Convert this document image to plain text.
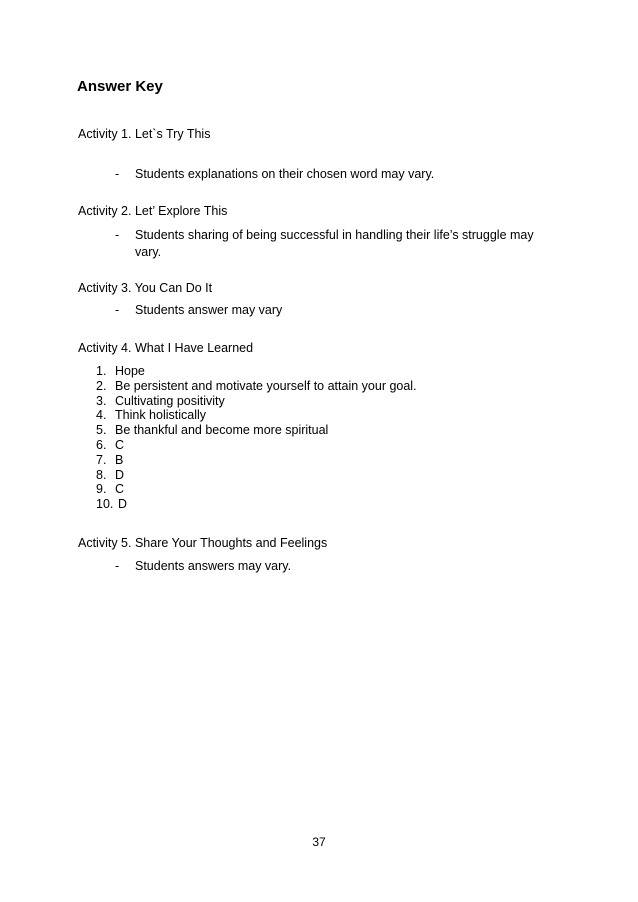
Answer Key

Activity 1. Let`s Try This

- Students explanations on their chosen word may vary.

Activity 2. Let’ Explore This

- Students sharing of being successful in handling their life’s struggle may vary.

Activity 3. You Can Do It

- Students answer may vary

Activity 4. What I Have Learned

1. Hope
2. Be persistent and motivate yourself to attain your goal.
3. Cultivating positivity
4. Think holistically
5. Be thankful and become more spiritual
6. C
7. B
8. D
9. C
10. D

Activity 5. Share Your Thoughts and Feelings

- Students answers may vary.
37
